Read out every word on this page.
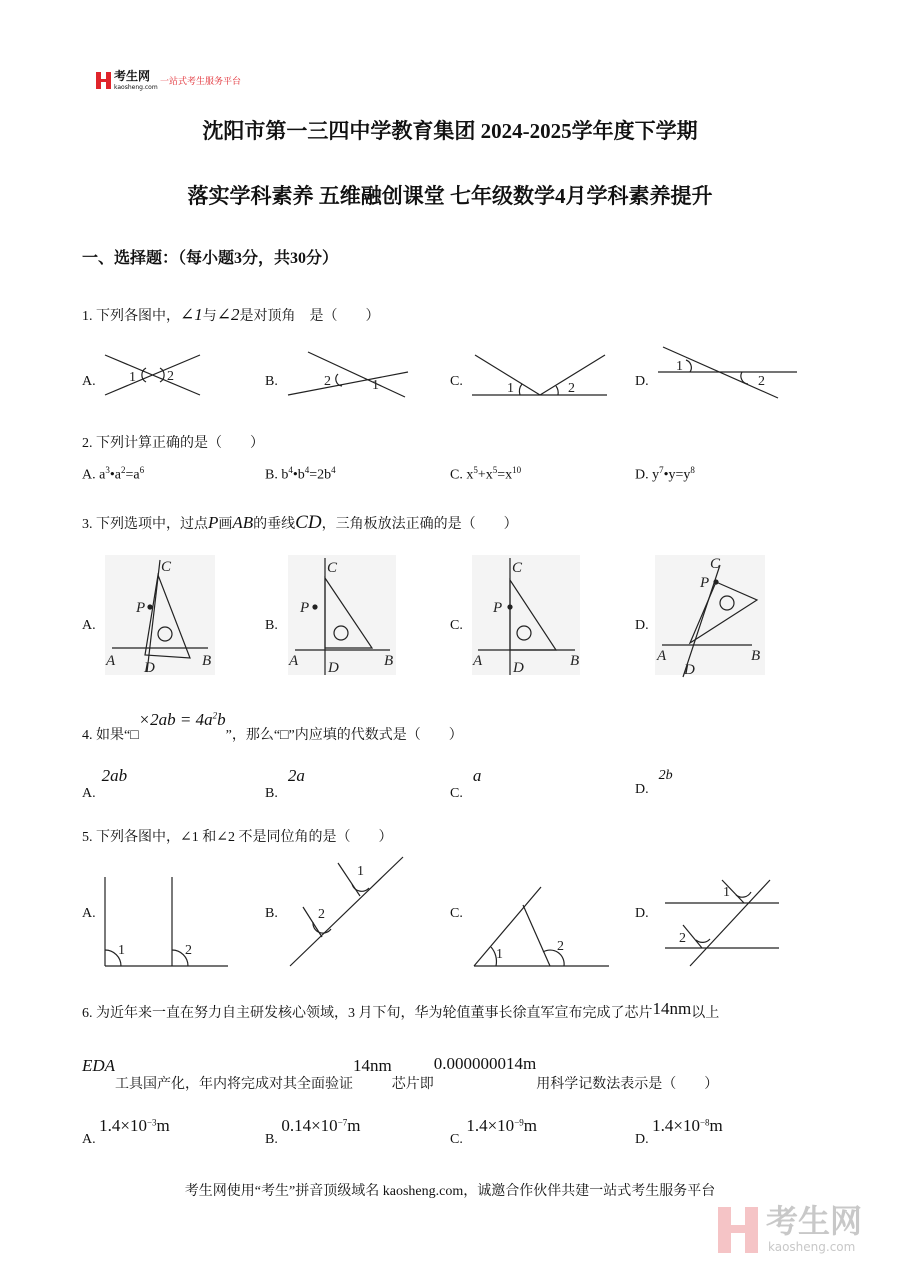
考生网
kaosheng.com
一站式考生服务平台
沈阳市第一三四中学教育集团 2024-2025学年度下学期
落实学科素养 五维融创课堂 七年级数学4月学科素养提升
一、选择题：（每小题3分，共30分）
1. 下列各图中，∠1与∠2是对顶角　是（　　）
A.	B.	C.	D.
1 2	2	1	1	2
1
2
2. 下列计算正确的是（　　）
A. $a^3•a^2=a^6$	B. $b^4•b^4=2b^4$	C. $x^5+x^5=x^{10}$	D. $y^7•y=y^8$
3. 下列选项中，过点P画AB的垂线CD，三角板放法正确的是（　　）
A.	B.	C.	D.
C
P
A D	B
C
P
A D	B
C
P
A D	B
C
P
A
D
B
4. 如果“□×2ab = $4a^2b$”，那么“□”内应填的代数式是（　　）
A.2ab
B.2a
C.a
D.2b
5. 下列各图中，∠1 和∠2 不是同位角的是（　　）
A.	B.	C.	D.
1	2
2
1
1
2
1
2
6. 为近年来一直在努力自主研发核心领域，3 月下旬，华为轮值董事长徐直军宣布完成了芯片14nm以上
EDA工具国产化，年内将完成对其全面验证14nm芯片即0.000000014m用科学记数法表示是（　　）
A. $1.4\times 10^{-3}m$
B. $0.14\times 10^{-7}m$
C. $1.4\times 10^{-9}m$
D. $1.4\times 10^{-8}m$
考生网使用“考生”拼音顶级域名 kaosheng.com，诚邀合作伙伴共建一站式考生服务平台
考生网
kaosheng.com
